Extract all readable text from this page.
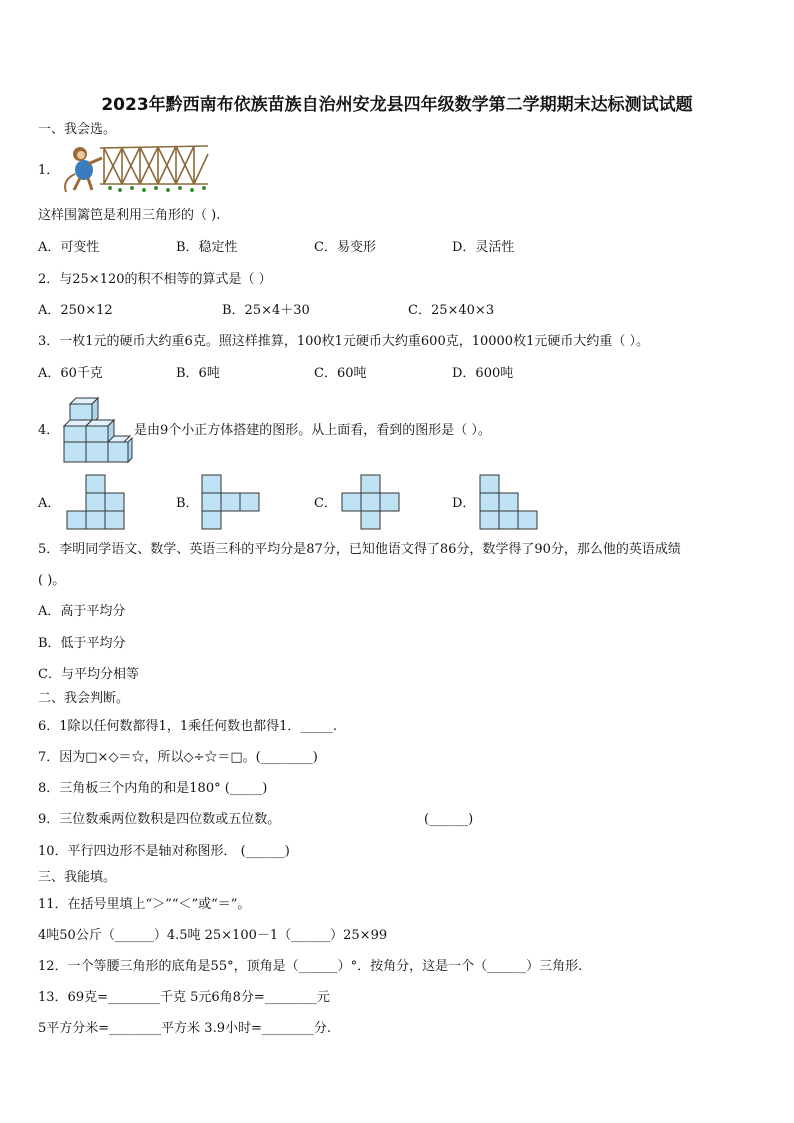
2023年黔西南布依族苗族自治州安龙县四年级数学第二学期期末达标测试试题
一、我会选。
1．
这样围篱笆是利用三角形的（ ).
A．可变性	B．稳定性	C．易变形	D．灵活性
2．与25×120的积不相等的算式是（ ）
A．250×12	B．25×4＋30	C．25×40×3
3．一枚1元的硬币大约重6克。照这样推算，100枚1元硬币大约重600克，10000枚1元硬币大约重（ ）。
A．60千克	B．6吨	C．60吨	D．600吨
4．	是由9个小正方体搭建的图形。从上面看，看到的图形是（ ）。
A．	B．	C．	D．
5．李明同学语文、数学、英语三科的平均分是87分，已知他语文得了86分，数学得了90分，那么他的英语成绩
( )。
A．高于平均分
B．低于平均分
C．与平均分相等
二、我会判断。
6．1除以任何数都得1，1乘任何数也都得1．_____.
7．因为□×◇＝☆，所以◇÷☆＝□。(________)
8．三角板三个内角的和是180° (_____)
9．三位数乘两位数积是四位数或五位数。	(______)
10．平行四边形不是轴对称图形． (______)
三、我能填。
11．在括号里填上“＞”“＜”或“＝”。
4吨50公斤（______）4.5吨 25×100－1（______）25×99
12．一个等腰三角形的底角是55°，顶角是（______）°．按角分，这是一个（______）三角形.
13．69克=________千克 5元6角8分=________元
5平方分米=________平方米 3.9小时=________分.
